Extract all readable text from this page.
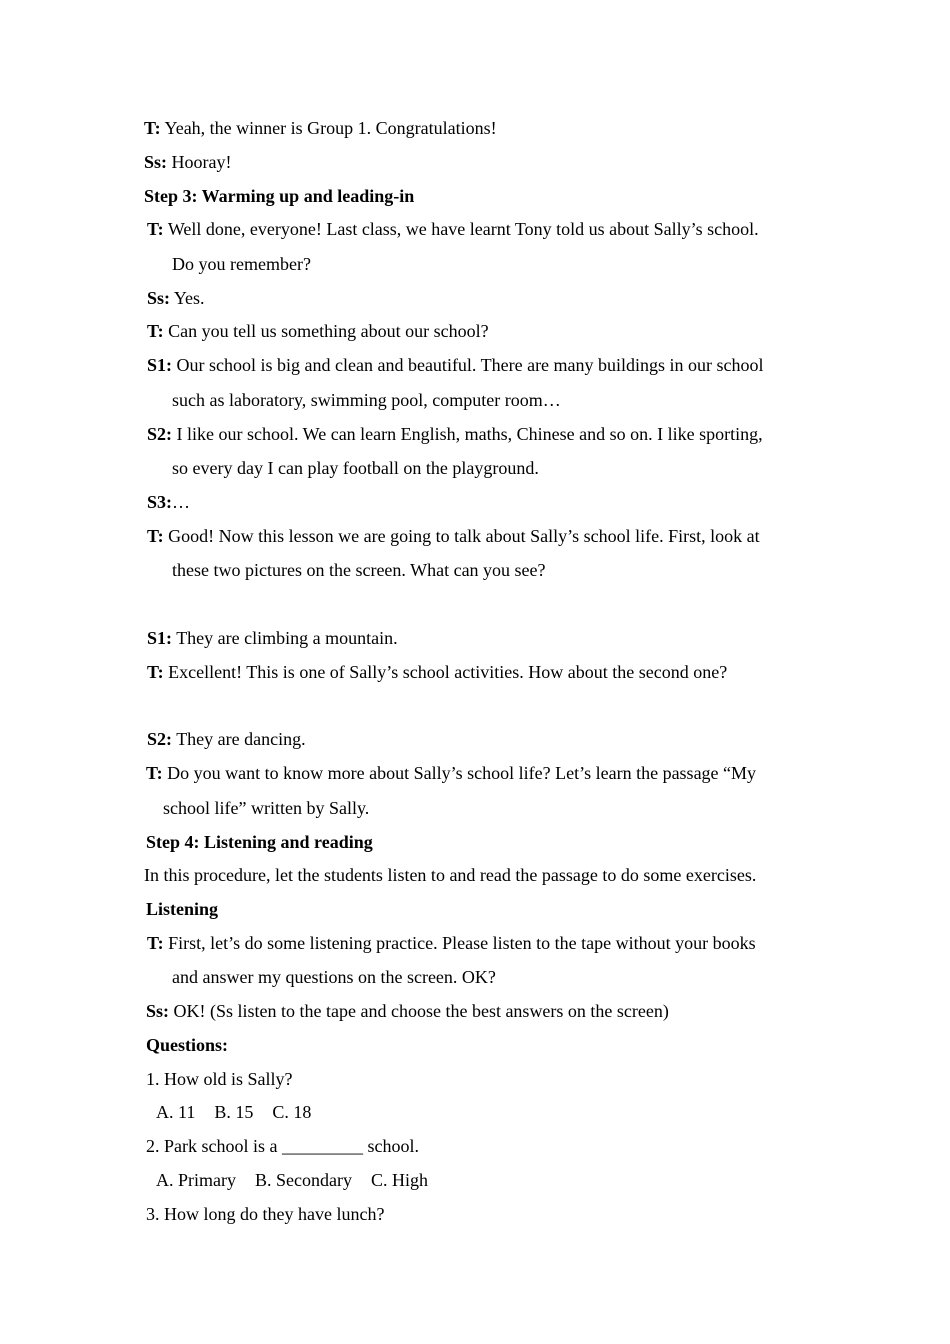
T: Yeah, the winner is Group 1. Congratulations!
Ss: Hooray!
Step 3: Warming up and leading-in
T: Well done, everyone! Last class, we have learnt Tony told us about Sally’s school.
Do you remember?
Ss: Yes.
T: Can you tell us something about our school?
S1: Our school is big and clean and beautiful. There are many buildings in our school
such as laboratory, swimming pool, computer room…
S2: I like our school. We can learn English, maths, Chinese and so on. I like sporting,
so every day I can play football on the playground.
S3:…
T: Good! Now this lesson we are going to talk about Sally’s school life. First, look at
these two pictures on the screen. What can you see?
S1: They are climbing a mountain.
T: Excellent! This is one of Sally’s school activities. How about the second one?
S2: They are dancing.
T: Do you want to know more about Sally’s school life? Let’s learn the passage “My
school life” written by Sally.
Step 4: Listening and reading
In this procedure, let the students listen to and read the passage to do some exercises.
Listening
T: First, let’s do some listening practice. Please listen to the tape without your books
and answer my questions on the screen. OK?
Ss: OK! (Ss listen to the tape and choose the best answers on the screen)
Questions:
1. How old is Sally?
A. 11 B. 15 C. 18
2. Park school is a _________ school.
A. Primary B. Secondary C. High
3. How long do they have lunch?
